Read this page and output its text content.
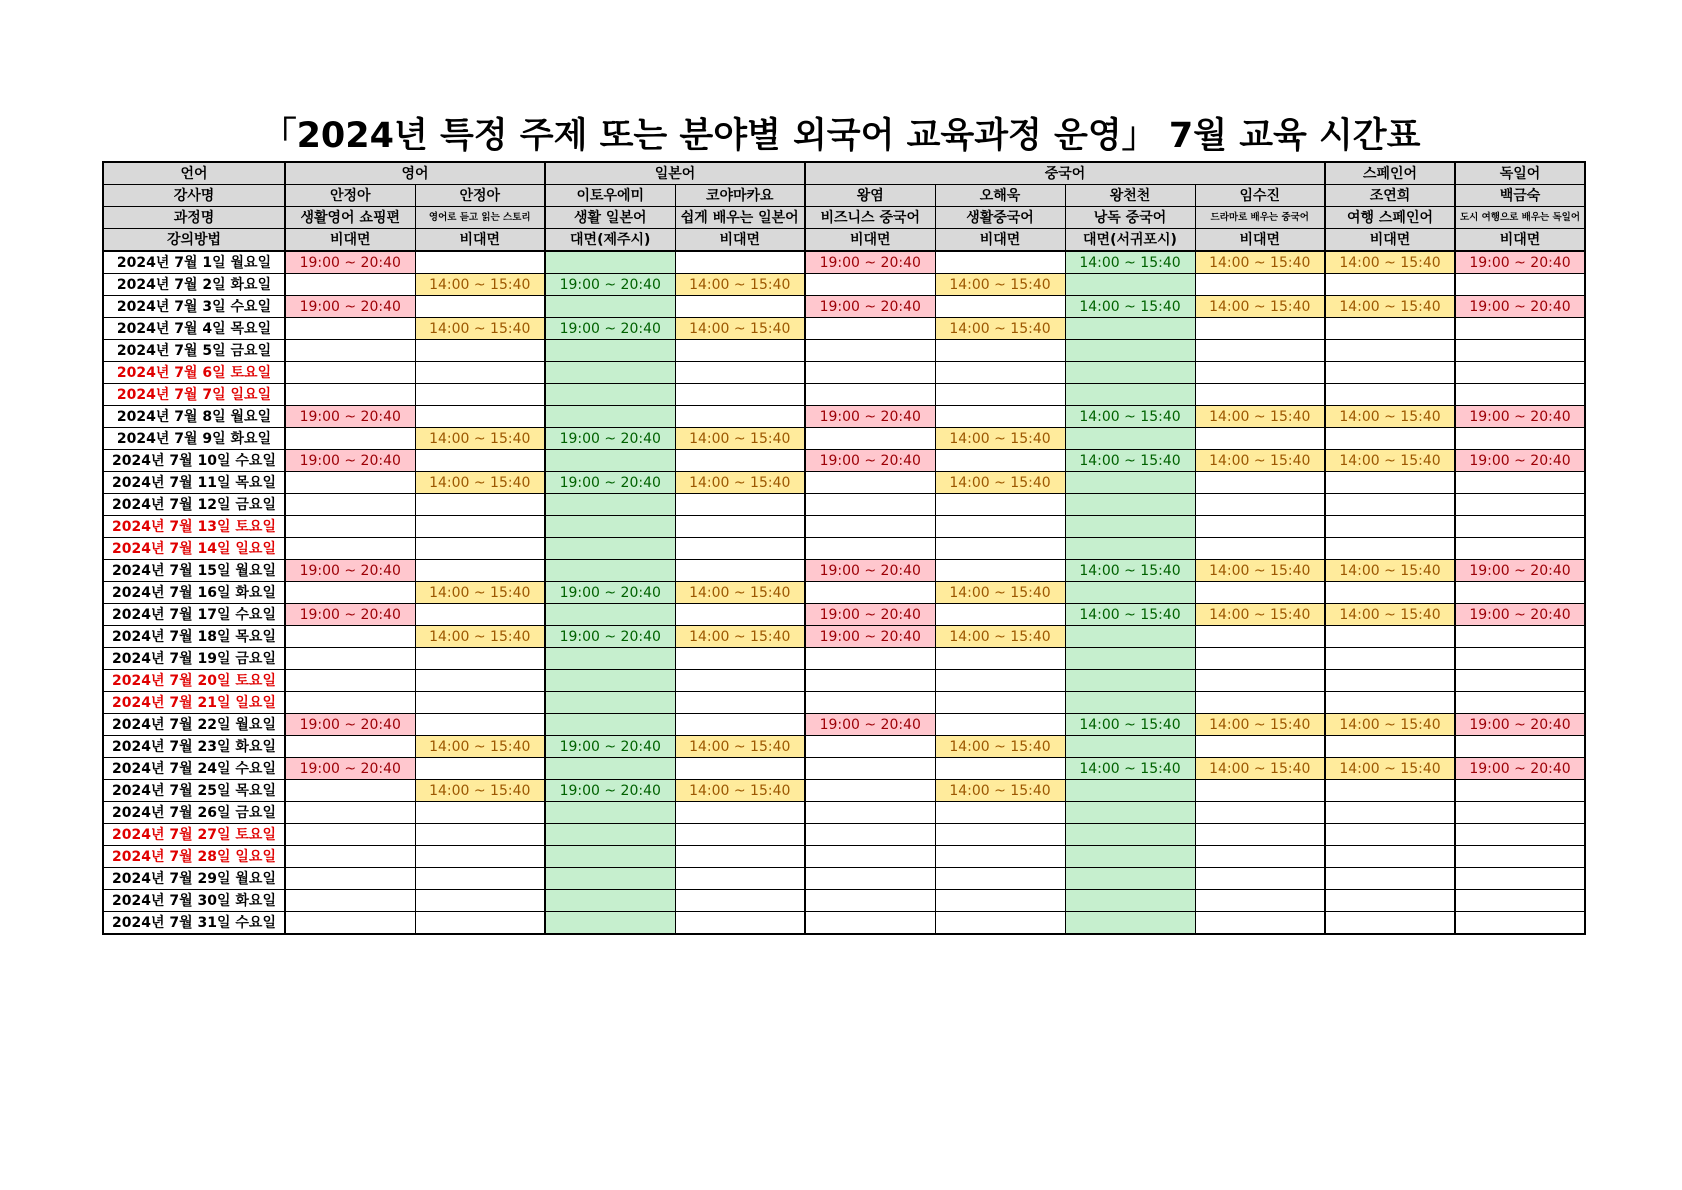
「2024년 특정 주제 또는 분야별 외국어 교육과정 운영」 7월 교육 시간표
언어	영어		일본어		중국어				스페인어	독일어
강사명	안정아	안정아	이토우에미	코야마카요	왕염	오해욱	왕천천	임수진	조연희	백금숙
과정명	생활영어 쇼핑편	영어로 듣고 읽는 스토리	생활 일본어	쉽게 배우는 일본어	비즈니스 중국어	생활중국어	낭독 중국어	드라마로 배우는 중국어	여행 스페인어	도시 여행으로 배우는 독일어
강의방법	비대면	비대면	대면(제주시)	비대면	비대면	비대면	대면(서귀포시)	비대면	비대면	비대면
2024년 7월 1일 월요일	19:00 ~ 20:40				19:00 ~ 20:40		14:00 ~ 15:40	14:00 ~ 15:40	14:00 ~ 15:40	19:00 ~ 20:40
2024년 7월 2일 화요일		14:00 ~ 15:40	19:00 ~ 20:40	14:00 ~ 15:40		14:00 ~ 15:40				
2024년 7월 3일 수요일	19:00 ~ 20:40				19:00 ~ 20:40		14:00 ~ 15:40	14:00 ~ 15:40	14:00 ~ 15:40	19:00 ~ 20:40
2024년 7월 4일 목요일		14:00 ~ 15:40	19:00 ~ 20:40	14:00 ~ 15:40		14:00 ~ 15:40				
2024년 7월 5일 금요일										
2024년 7월 6일 토요일										
2024년 7월 7일 일요일										
2024년 7월 8일 월요일	19:00 ~ 20:40				19:00 ~ 20:40		14:00 ~ 15:40	14:00 ~ 15:40	14:00 ~ 15:40	19:00 ~ 20:40
2024년 7월 9일 화요일		14:00 ~ 15:40	19:00 ~ 20:40	14:00 ~ 15:40		14:00 ~ 15:40				
2024년 7월 10일 수요일	19:00 ~ 20:40				19:00 ~ 20:40		14:00 ~ 15:40	14:00 ~ 15:40	14:00 ~ 15:40	19:00 ~ 20:40
2024년 7월 11일 목요일		14:00 ~ 15:40	19:00 ~ 20:40	14:00 ~ 15:40		14:00 ~ 15:40				
2024년 7월 12일 금요일										
2024년 7월 13일 토요일										
2024년 7월 14일 일요일										
2024년 7월 15일 월요일	19:00 ~ 20:40				19:00 ~ 20:40		14:00 ~ 15:40	14:00 ~ 15:40	14:00 ~ 15:40	19:00 ~ 20:40
2024년 7월 16일 화요일		14:00 ~ 15:40	19:00 ~ 20:40	14:00 ~ 15:40		14:00 ~ 15:40				
2024년 7월 17일 수요일	19:00 ~ 20:40				19:00 ~ 20:40		14:00 ~ 15:40	14:00 ~ 15:40	14:00 ~ 15:40	19:00 ~ 20:40
2024년 7월 18일 목요일		14:00 ~ 15:40	19:00 ~ 20:40	14:00 ~ 15:40	19:00 ~ 20:40	14:00 ~ 15:40				
2024년 7월 19일 금요일										
2024년 7월 20일 토요일										
2024년 7월 21일 일요일										
2024년 7월 22일 월요일	19:00 ~ 20:40				19:00 ~ 20:40		14:00 ~ 15:40	14:00 ~ 15:40	14:00 ~ 15:40	19:00 ~ 20:40
2024년 7월 23일 화요일		14:00 ~ 15:40	19:00 ~ 20:40	14:00 ~ 15:40		14:00 ~ 15:40				
2024년 7월 24일 수요일	19:00 ~ 20:40						14:00 ~ 15:40	14:00 ~ 15:40	14:00 ~ 15:40	19:00 ~ 20:40
2024년 7월 25일 목요일		14:00 ~ 15:40	19:00 ~ 20:40	14:00 ~ 15:40		14:00 ~ 15:40				
2024년 7월 26일 금요일										
2024년 7월 27일 토요일										
2024년 7월 28일 일요일										
2024년 7월 29일 월요일										
2024년 7월 30일 화요일										
2024년 7월 31일 수요일										
